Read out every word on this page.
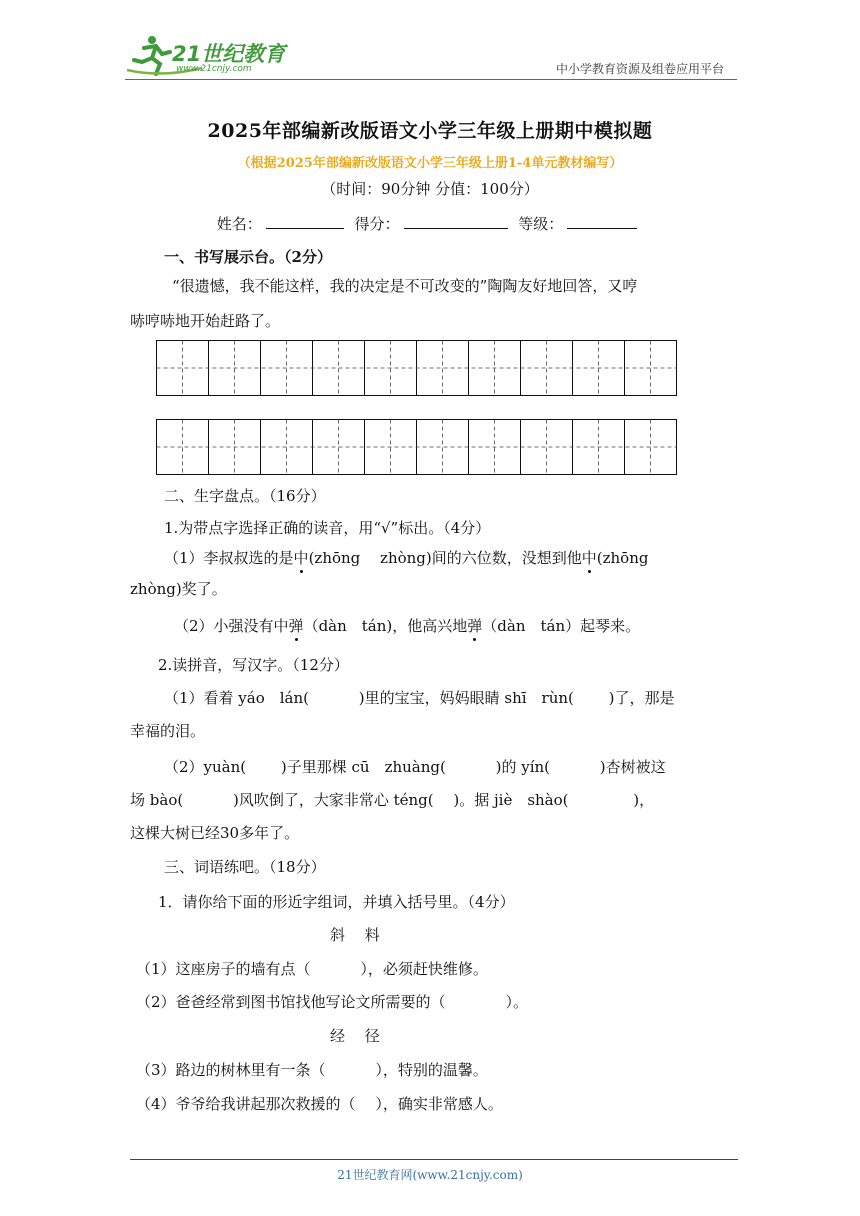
21世纪教育
www.21cnjy.com	中小学教育资源及组卷应用平台
2025年部编新改版语文小学三年级上册期中模拟题
（根据2025年部编新改版语文小学三年级上册1-4单元教材编写）
（时间：90分钟 分值：100分）
姓名：	得分：	等级：
一、书写展示台。（2分）
“很遗憾，我不能这样，我的决定是不可改变的”陶陶友好地回答，又哼
哧哼哧地开始赶路了。
二、生字盘点。（16分）
1.为带点字选择正确的读音，用“√”标出。（4分）
（1）李叔叔选的是中(zhōng　 zhòng)间的六位数，没想到他中(zhōng
zhòng)奖了。
（2）小强没有中弹（dàn　tán)，他高兴地弹（dàn　tán）起琴来。
2.读拼音，写汉字。（12分）
（1）看着 yáo　lán(　　 　)里的宝宝，妈妈眼睛 shī　rùn(　 　)了，那是
幸福的泪。
（2）yuàn(　　 )子里那棵 cū　zhuàng(　　　 )的 yín(　　　 )杏树被这
场 bào(　　　 )风吹倒了，大家非常心 téng(　 )。据 jiè　shào(　　　　 )，
这棵大树已经30多年了。
三、词语练吧。（18分）
1．请你给下面的形近字组词，并填入括号里。（4分）
斜　 料
（1）这座房子的墙有点（　　　 ），必须赶快维修。
（2）爸爸经常到图书馆找他写论文所需要的（　　　　）。
经　 径
（3）路边的树林里有一条（　　　 ），特别的温馨。
（4）爷爷给我讲起那次救援的（　 ），确实非常感人。
21世纪教育网(www.21cnjy.com)
